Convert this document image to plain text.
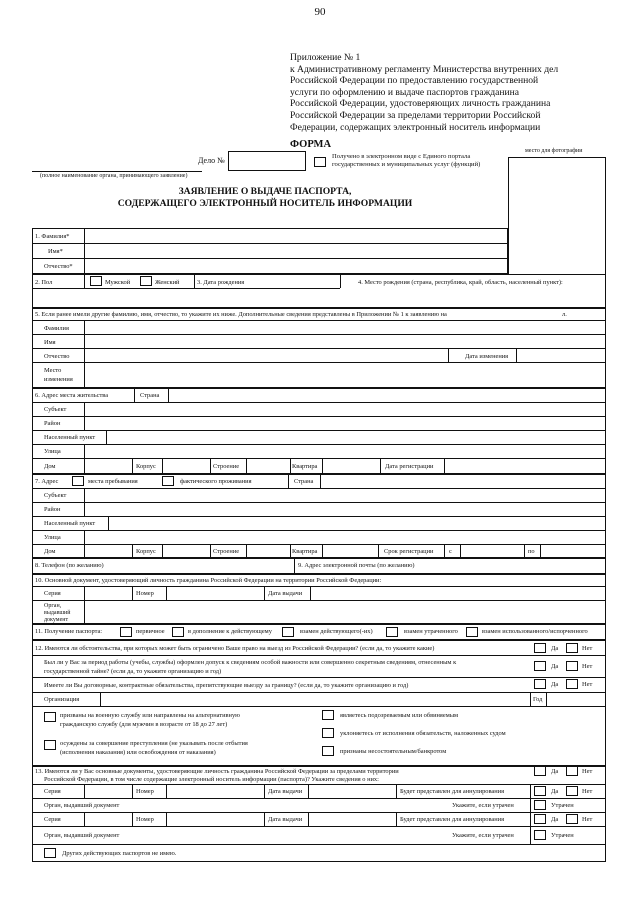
90
Приложение № 1
к Административному регламенту Министерства внутренних дел
Российской Федерации по предоставлению государственной
услуги по оформлению и выдаче паспортов гражданина
Российской Федерации, удостоверяющих личность гражданина
Российской Федерации за пределами территории Российской
Федерации, содержащих электронный носитель информации
ФОРМА
место для фотографии
Дело №	Получено в электронном виде с Единого портала
государственных и муниципальных услуг (функций)
(полное наименование органа, принимающего заявление)
ЗАЯВЛЕНИЕ О ВЫДАЧЕ ПАСПОРТА,
СОДЕРЖАЩЕГО ЭЛЕКТРОННЫЙ НОСИТЕЛЬ ИНФОРМАЦИИ
1. Фамилия*
Имя*
Отчество*
2. Пол	Мужской	Женский	3. Дата рождения	4. Место рождения (страна, республика, край, область, населенный пункт):
5. Если ранее имели другие фамилию, имя, отчество, то укажите их ниже. Дополнительные сведения представлены в Приложении № 1 к заявлению на	л.
Фамилия
Имя
Отчество	Дата изменения
Место
изменения
6. Адрес места жительства	Страна
Субъект
Район
Населенный пункт
Улица
Дом	Корпус	Строение	Квартира	Дата регистрации
7. Адрес	места пребывания	фактического проживания	Страна
Субъект
Район
Населенный пункт
Улица
Дом	Корпус	Строение	Квартира	Срок регистрации с	по
8. Телефон (по желанию)	9. Адрес электронной почты (по желанию)
10. Основной документ, удостоверяющий личность гражданина Российской Федерации на территории Российской Федерации:
Серия	Номер	Дата выдачи
Орган,
выдавший
документ
11. Получение паспорта:	первичное	в дополнение к действующему	взамен действующего(-их)	взамен утраченного	взамен использованного/испорченного
12. Имеются ли обстоятельства, при которых может быть ограничено Ваше право на выезд из Российской Федерации? (если да, то укажите какие)	Да	Нет
Был ли у Вас за период работы (учебы, службы) оформлен допуск к сведениям особой важности или совершенно секретным сведениям, отнесенным к
государственной тайне? (если да, то укажите организацию и год)
Да	Нет
Имеете ли Вы договорные, контрактные обязательства, препятствующие выезду за границу? (если да, то укажите организацию и год)	Да	Нет
Организация	Год
призваны на военную службу или направлены на альтернативную
гражданскую службу (для мужчин в возрасте от 18 до 27 лет)
осуждены за совершение преступления (не указывать после отбытия
(исполнения наказания) или освобождения от наказания)
являетесь подозреваемым или обвиняемым
уклоняетесь от исполнения обязательств, наложенных судом
признаны несостоятельным/банкротом
13. Имеются ли у Вас основные документы, удостоверяющие личность гражданина Российской Федерации за пределами территории
Российской Федерации, в том числе содержащие электронный носитель информации (паспорта)? Укажите сведения о них:
Да	Нет
Серия	Номер	Дата выдачи	Будет представлен для аннулирования	Да	Нет
Орган, выдавший документ	Укажите, если утрачен	Утрачен
Серия	Номер	Дата выдачи	Будет представлен для аннулирования	Да	Нет
Орган, выдавший документ	Укажите, если утрачен	Утрачен
Других действующих паспортов не имею.
